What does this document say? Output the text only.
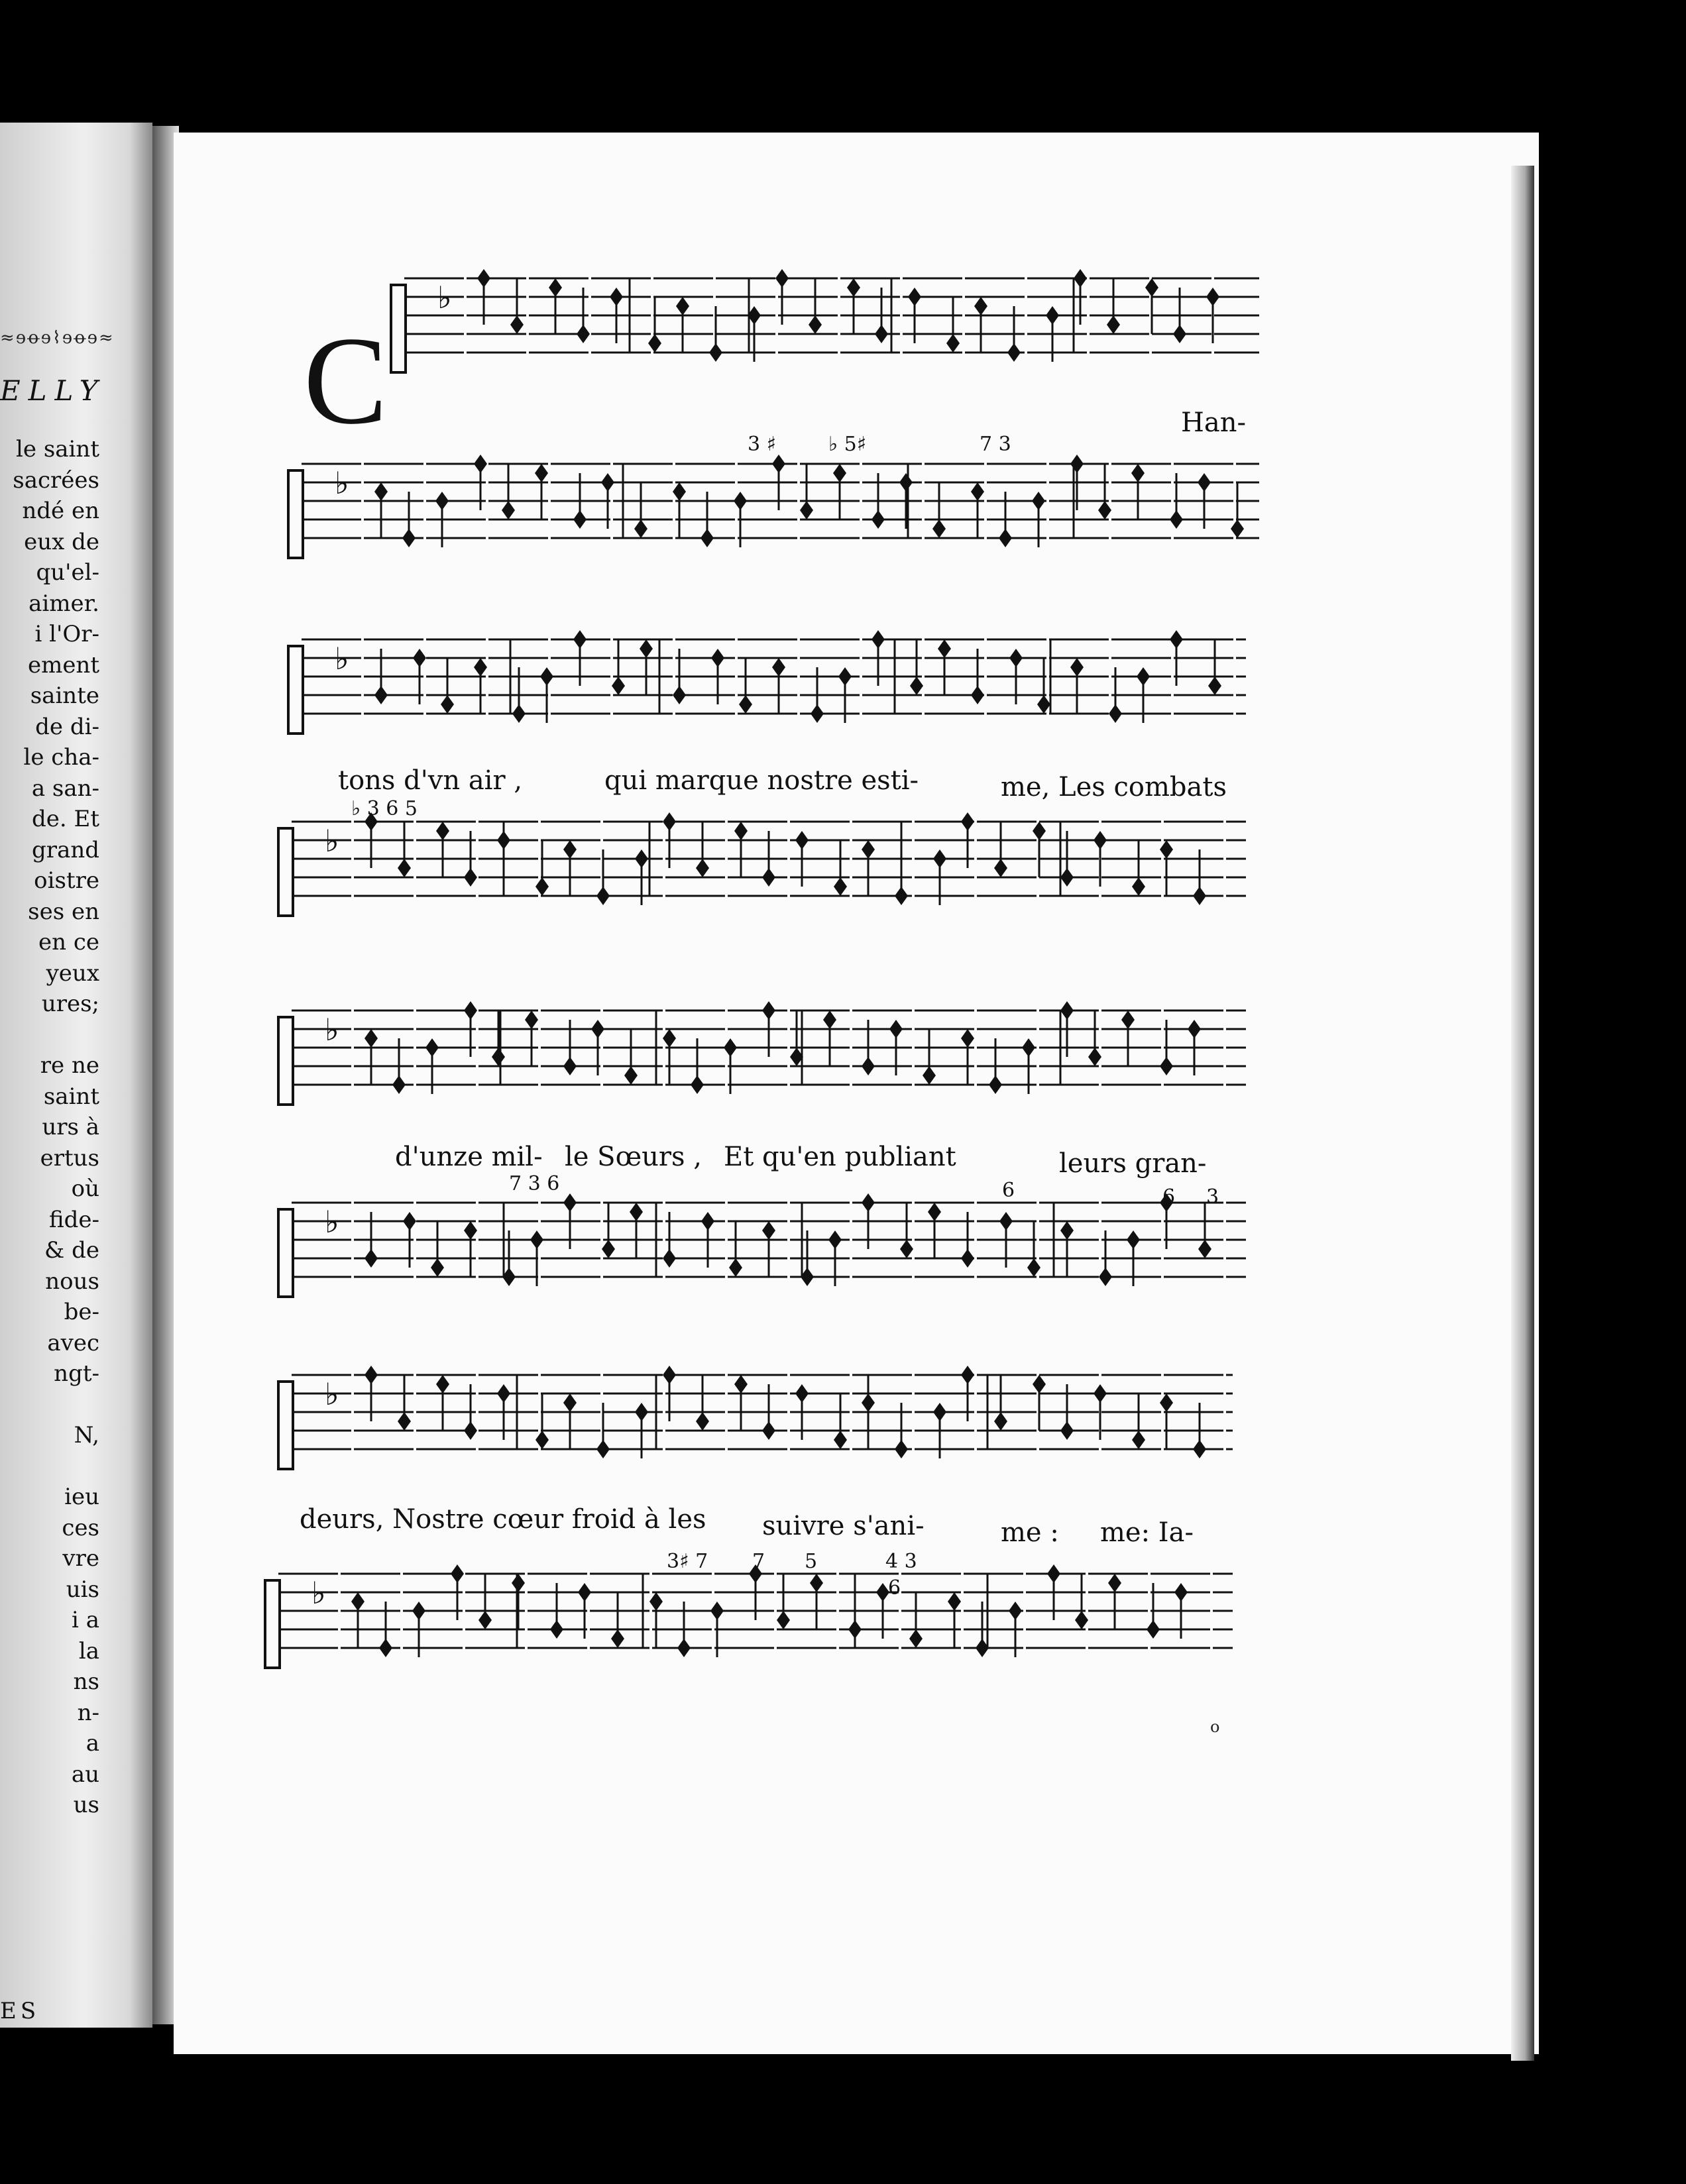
≈ɘꝋɘ⌇ɘꝋɘ≈
ELLY
le saint
sacrées
ndé en
eux de
qu'el-
aimer.
i l'Or-
ement
sainte
de di-
le cha-
a san-
de. Et
grand
oistre
ses en
en ce
yeux
ures;

re ne
saint
urs à
ertus
où
fide-
& de
nous
be-
avec
ngt-

N,

ieu
ces
vre
uis
i a
la
ns
n-
a
au
us
ES
♭
♭
♭
♭
♭
♭
♭
♭
C	Han-
tons d'vn air ,	qui marque nostre esti-	me, Les combats
d'unze mil- le Sœurs , Et qu'en publiant	leurs gran-
deurs, Nostre cœur froid à les suivre s'ani-	me : me: Ia-
3 ♯	♭ 5♯	7 3
♭ 3 6 5
7 3 6	6	6 3
3♯ 7 7 5	4 3
6
o
